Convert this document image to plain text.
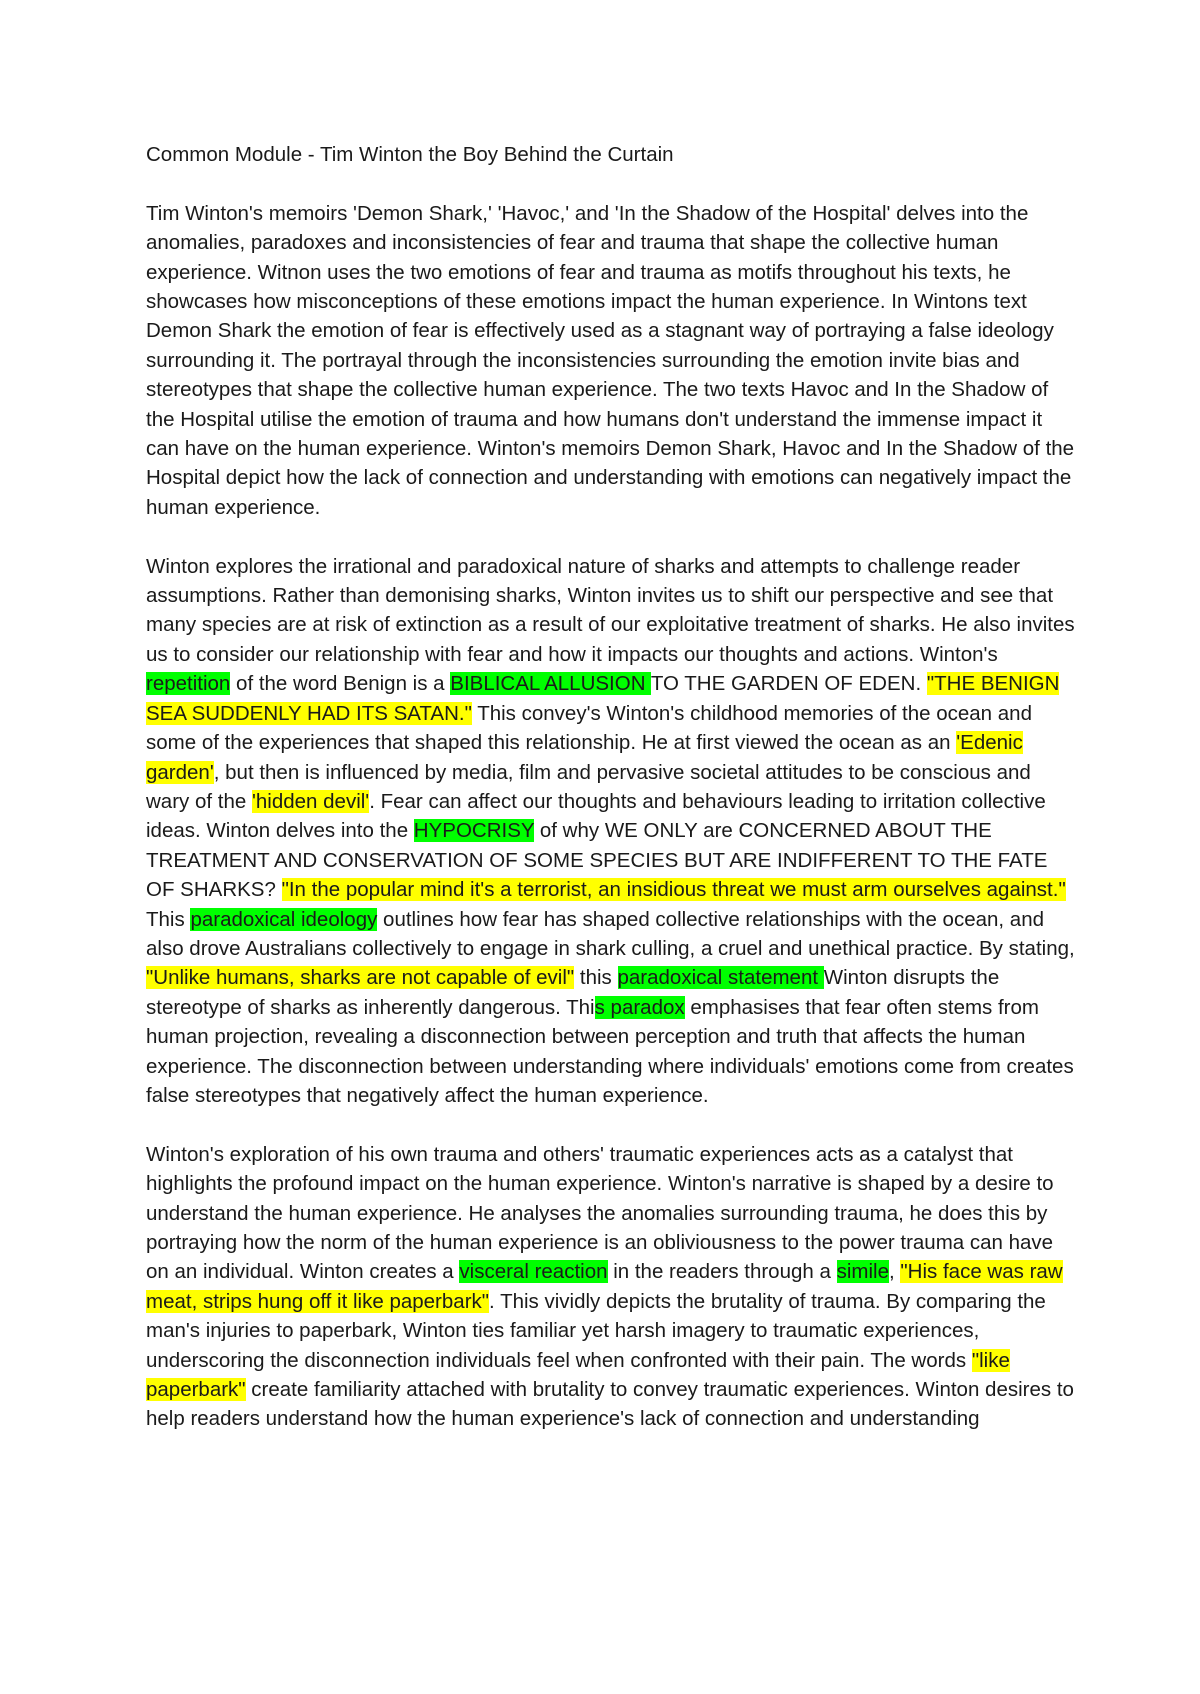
Common Module - Tim Winton the Boy Behind the Curtain

Tim Winton's memoirs 'Demon Shark,' 'Havoc,' and 'In the Shadow of the Hospital' delves into the anomalies, paradoxes and inconsistencies of fear and trauma that shape the collective human experience. Witnon uses the two emotions of fear and trauma as motifs throughout his texts, he showcases how misconceptions of these emotions impact the human experience. In Wintons text Demon Shark the emotion of fear is effectively used as a stagnant way of portraying a false ideology surrounding it. The portrayal through the inconsistencies surrounding the emotion invite bias and stereotypes that shape the collective human experience. The two texts Havoc and In the Shadow of the Hospital utilise the emotion of trauma and how humans don't understand the immense impact it can have on the human experience. Winton's memoirs Demon Shark, Havoc and In the Shadow of the Hospital depict how the lack of connection and understanding with emotions can negatively impact the human experience.

Winton explores the irrational and paradoxical nature of sharks and attempts to challenge reader assumptions. Rather than demonising sharks, Winton invites us to shift our perspective and see that many species are at risk of extinction as a result of our exploitative treatment of sharks. He also invites us to consider our relationship with fear and how it impacts our thoughts and actions. Winton's repetition of the word Benign is a BIBLICAL ALLUSION TO THE GARDEN OF EDEN. "THE BENIGN SEA SUDDENLY HAD ITS SATAN." This convey's Winton's childhood memories of the ocean and some of the experiences that shaped this relationship. He at first viewed the ocean as an 'Edenic garden', but then is influenced by media, film and pervasive societal attitudes to be conscious and wary of the 'hidden devil'. Fear can affect our thoughts and behaviours leading to irritation collective ideas. Winton delves into the HYPOCRISY of why WE ONLY are CONCERNED ABOUT THE TREATMENT AND CONSERVATION OF SOME SPECIES BUT ARE INDIFFERENT TO THE FATE OF SHARKS? "In the popular mind it's a terrorist, an insidious threat we must arm ourselves against." This paradoxical ideology outlines how fear has shaped collective relationships with the ocean, and also drove Australians collectively to engage in shark culling, a cruel and unethical practice. By stating, "Unlike humans, sharks are not capable of evil" this paradoxical statement Winton disrupts the stereotype of sharks as inherently dangerous. This paradox emphasises that fear often stems from human projection, revealing a disconnection between perception and truth that affects the human experience. The disconnection between understanding where individuals' emotions come from creates false stereotypes that negatively affect the human experience.

Winton's exploration of his own trauma and others' traumatic experiences acts as a catalyst that highlights the profound impact on the human experience. Winton's narrative is shaped by a desire to understand the human experience. He analyses the anomalies surrounding trauma, he does this by portraying how the norm of the human experience is an obliviousness to the power trauma can have on an individual. Winton creates a visceral reaction in the readers through a simile, "His face was raw meat, strips hung off it like paperbark". This vividly depicts the brutality of trauma. By comparing the man's injuries to paperbark, Winton ties familiar yet harsh imagery to traumatic experiences, underscoring the disconnection individuals feel when confronted with their pain. The words "like paperbark" create familiarity attached with brutality to convey traumatic experiences. Winton desires to help readers understand how the human experience's lack of connection and understanding
